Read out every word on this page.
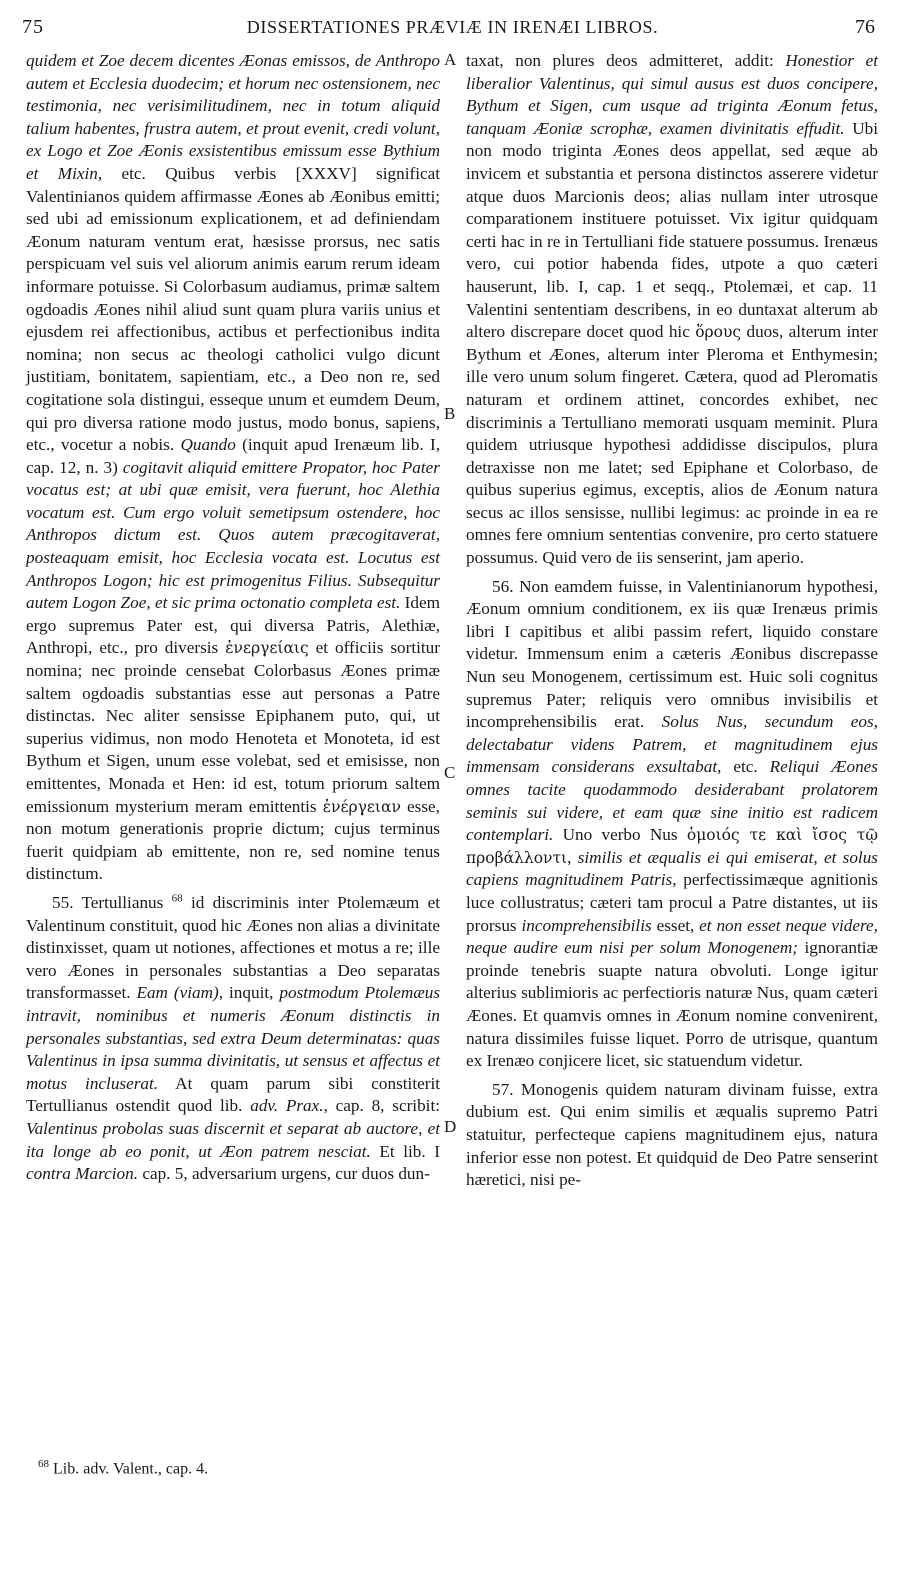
75	DISSERTATIONES PRÆVIÆ IN IRENÆI LIBROS.	76

quidem et Zoe decem dicentes Æonas emissos, de Anthropo autem et Ecclesia duodecim; et horum nec ostensionem, nec testimonia, nec verisimilitudinem, nec in totum aliquid talium habentes, frustra autem, et prout evenit, credi volunt, ex Logo et Zoe Æonis exsistentibus emissum esse Bythium et Mixin, etc. Quibus verbis [XXXV] significat Valentinianos quidem affirmasse Æones ab Æonibus emitti; sed ubi ad emissionum explicationem, et ad definiendam Æonum naturam ventum erat, hæsisse prorsus, nec satis perspicuam vel suis vel aliorum animis earum rerum ideam informare potuisse. Si Colorbasum audiamus, primæ saltem ogdoadis Æones nihil aliud sunt quam plura variis unius et ejusdem rei affectionibus, actibus et perfectionibus indita nomina; non secus ac theologi catholici vulgo dicunt justitiam, bonitatem, sapientiam, etc., a Deo non re, sed cogitatione sola distingui, esseque unum et eumdem Deum, qui pro diversa ratione modo justus, modo bonus, sapiens, etc., vocetur a nobis. Quando (inquit apud Irenæum lib. I, cap. 12, n. 3) cogitavit aliquid emittere Propator, hoc Pater vocatus est; at ubi quæ emisit, vera fuerunt, hoc Alethia vocatum est. Cum ergo voluit semetipsum ostendere, hoc Anthropos dictum est. Quos autem præcogitaverat, posteaquam emisit, hoc Ecclesia vocata est. Locutus est Anthropos Logon; hic est primogenitus Filius. Subsequitur autem Logon Zoe, et sic prima octonatio completa est. Idem ergo supremus Pater est, qui diversa Patris, Alethiæ, Anthropi, etc., pro diversis ἐνεργείαις et officiis sortitur nomina; nec proinde censebat Colorbasus Æones primæ saltem ogdoadis substantias esse aut personas a Patre distinctas. Nec aliter sensisse Epiphanem puto, qui, ut superius vidimus, non modo Henoteta et Monoteta, id est Bythum et Sigen, unum esse volebat, sed et emisisse, non emittentes, Monada et Hen: id est, totum priorum saltem emissionum mysterium meram emittentis ἐνέργειαν esse, non motum generationis proprie dictum; cujus terminus fuerit quidpiam ab emittente, non re, sed nomine tenus distinctum.

55. Tertullianus $^{68}$ id discriminis inter Ptolemæum et Valentinum constituit, quod hic Æones non alias a divinitate distinxisset, quam ut notiones, affectiones et motus a re; ille vero Æones in personales substantias a Deo separatas transformasset. Eam (viam), inquit, postmodum Ptolemæus intravit, nominibus et numeris Æonum distinctis in personales substantias, sed extra Deum determinatas: quas Valentinus in ipsa summa divinitatis, ut sensus et affectus et motus incluserat. At quam parum sibi constiterit Tertullianus ostendit quod lib. adv. Prax., cap. 8, scribit: Valentinus probolas suas discernit et separat ab auctore, et ita longe ab eo ponit, ut Æon patrem nesciat. Et lib. I contra Marcion. cap. 5, adversarium urgens, cur duos dun-

A
B
C
D

taxat, non plures deos admitteret, addit: Honestior et liberalior Valentinus, qui simul ausus est duos concipere, Bythum et Sigen, cum usque ad triginta Æonum fetus, tanquam Æoniæ scrophæ, examen divinitatis effudit. Ubi non modo triginta Æones deos appellat, sed æque ab invicem et substantia et persona distinctos asserere videtur atque duos Marcionis deos; alias nullam inter utrosque comparationem instituere potuisset. Vix igitur quidquam certi hac in re in Tertulliani fide statuere possumus. Irenæus vero, cui potior habenda fides, utpote a quo cæteri hauserunt, lib. I, cap. 1 et seqq., Ptolemæi, et cap. 11 Valentini sententiam describens, in eo duntaxat alterum ab altero discrepare docet quod hic ὅρους duos, alterum inter Bythum et Æones, alterum inter Pleroma et Enthymesin; ille vero unum solum fingeret. Cætera, quod ad Pleromatis naturam et ordinem attinet, concordes exhibet, nec discriminis a Tertulliano memorati usquam meminit. Plura quidem utriusque hypothesi addidisse discipulos, plura detraxisse non me latet; sed Epiphane et Colorbaso, de quibus superius egimus, exceptis, alios de Æonum natura secus ac illos sensisse, nullibi legimus: ac proinde in ea re omnes fere omnium sententias convenire, pro certo statuere possumus. Quid vero de iis senserint, jam aperio.

56. Non eamdem fuisse, in Valentinianorum hypothesi, Æonum omnium conditionem, ex iis quæ Irenæus primis libri I capitibus et alibi passim refert, liquido constare videtur. Immensum enim a cæteris Æonibus discrepasse Nun seu Monogenem, certissimum est. Huic soli cognitus supremus Pater; reliquis vero omnibus invisibilis et incomprehensibilis erat. Solus Nus, secundum eos, delectabatur videns Patrem, et magnitudinem ejus immensam considerans exsultabat, etc. Reliqui Æones omnes tacite quodammodo desiderabant prolatorem seminis sui videre, et eam quæ sine initio est radicem contemplari. Uno verbo Nus ὁμοιός τε καὶ ἴσος τῷ προβάλλοντι, similis et æqualis ei qui emiserat, et solus capiens magnitudinem Patris, perfectissimæque agnitionis luce collustratus; cæteri tam procul a Patre distantes, ut iis prorsus incomprehensibilis esset, et non esset neque videre, neque audire eum nisi per solum Monogenem; ignorantiæ proinde tenebris suapte natura obvoluti. Longe igitur alterius sublimioris ac perfectioris naturæ Nus, quam cæteri Æones. Et quamvis omnes in Æonum nomine convenirent, natura dissimiles fuisse liquet. Porro de utrisque, quantum ex Irenæo conjicere licet, sic statuendum videtur.

57. Monogenis quidem naturam divinam fuisse, extra dubium est. Qui enim similis et æqualis supremo Patri statuitur, perfecteque capiens magnitudinem ejus, natura inferior esse non potest. Et quidquid de Deo Patre senserint hæretici, nisi pe-

$^{68}$ Lib. adv. Valent., cap. 4.
